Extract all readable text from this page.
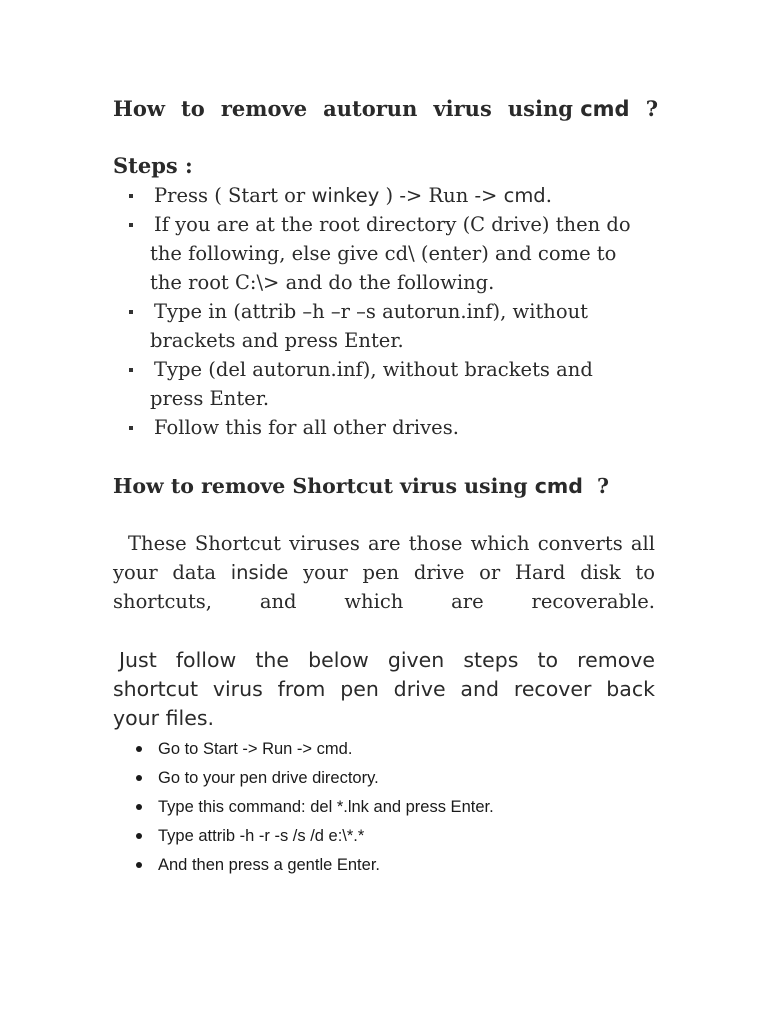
How to remove autorun virus using cmd ?
Steps :
Press ( Start or winkey ) -> Run -> cmd.
If you are at the root directory (C drive) then do
the following, else give cd\ (enter) and come to
the root C:\> and do the following.
Type in (attrib –h –r –s autorun.inf), without
brackets and press Enter.
Type (del autorun.inf), without brackets and
press Enter.
Follow this for all other drives.
How to remove Shortcut virus using cmd ?
These Shortcut viruses are those which converts all
your data inside your pen drive or Hard disk to
shortcuts, and which are recoverable.
Just follow the below given steps to remove
shortcut virus from pen drive and recover back
your files.
Go to Start -> Run -> cmd.
Go to your pen drive directory.
Type this command: del *.lnk and press Enter.
Type attrib -h -r -s /s /d e:\*.*
And then press a gentle Enter.
